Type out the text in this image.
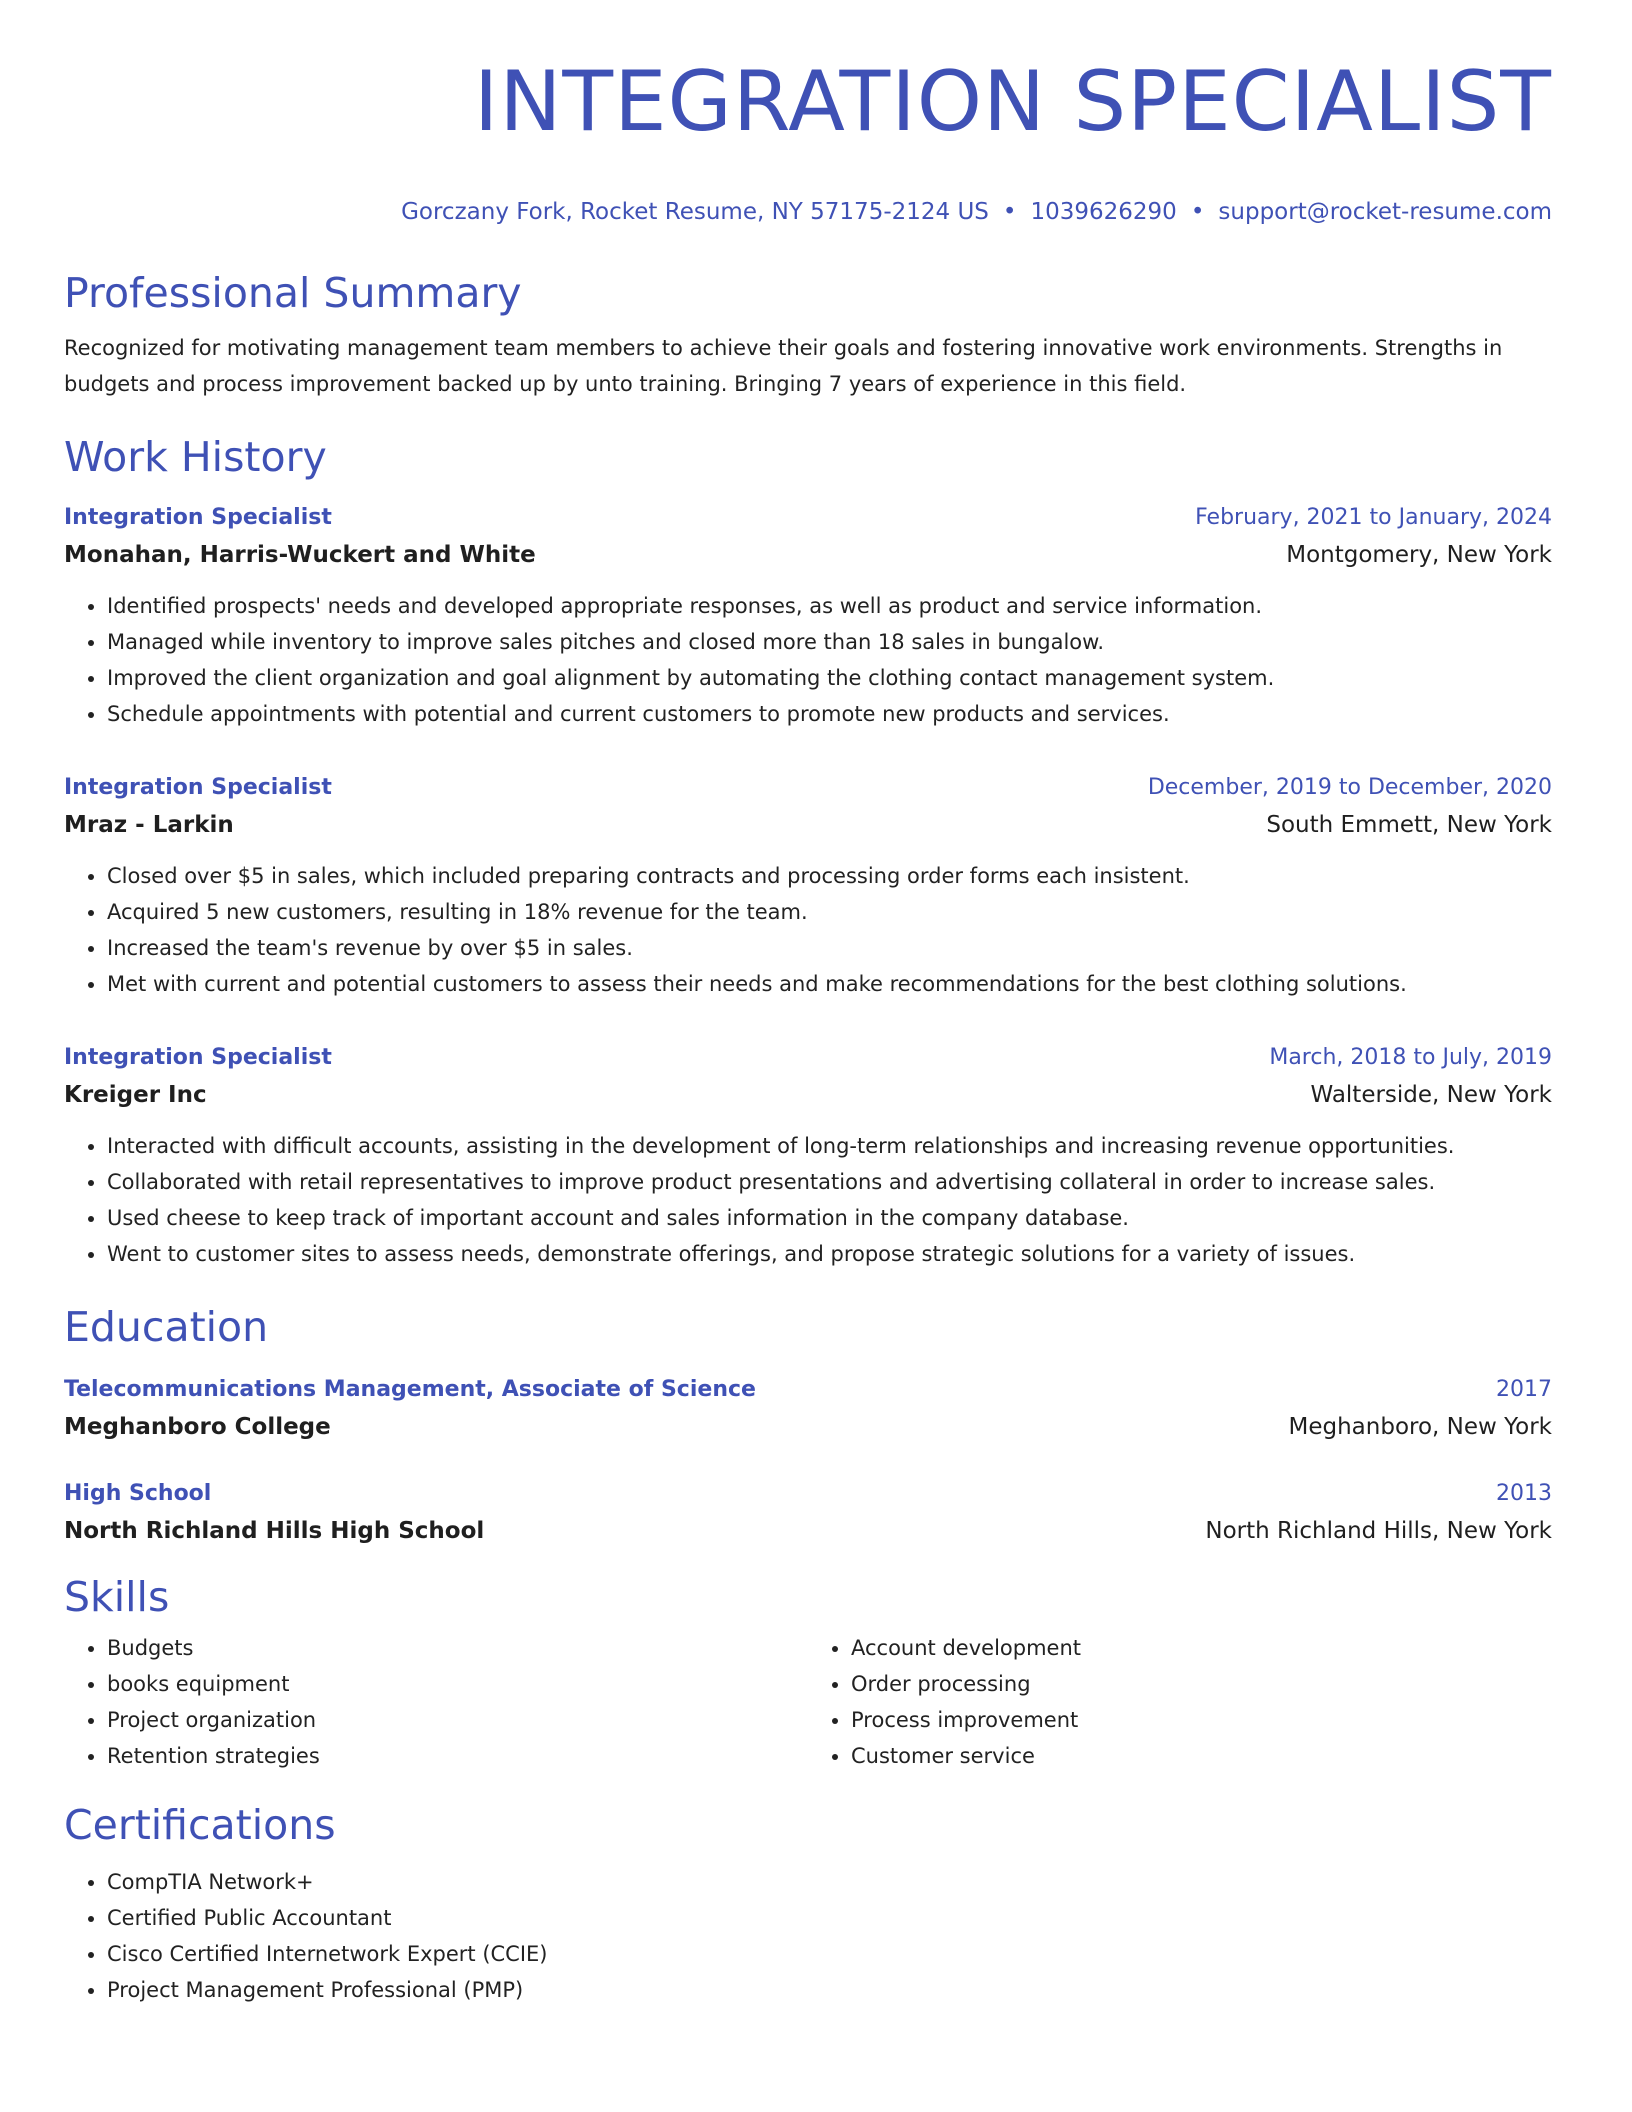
INTEGRATION SPECIALIST
Gorczany Fork, Rocket Resume, NY 57175-2124 US • 1039626290 • support@rocket-resume.com
Professional Summary
Recognized for motivating management team members to achieve their goals and fostering innovative work environments. Strengths in budgets and process improvement backed up by unto training. Bringing 7 years of experience in this field.
Work History
Integration Specialist	February, 2021 to January, 2024
Monahan, Harris-Wuckert and White	Montgomery, New York
• Identified prospects' needs and developed appropriate responses, as well as product and service information.
• Managed while inventory to improve sales pitches and closed more than 18 sales in bungalow.
• Improved the client organization and goal alignment by automating the clothing contact management system.
• Schedule appointments with potential and current customers to promote new products and services.
Integration Specialist	December, 2019 to December, 2020
Mraz - Larkin	South Emmett, New York
• Closed over $5 in sales, which included preparing contracts and processing order forms each insistent.
• Acquired 5 new customers, resulting in 18% revenue for the team.
• Increased the team's revenue by over $5 in sales.
• Met with current and potential customers to assess their needs and make recommendations for the best clothing solutions.
Integration Specialist	March, 2018 to July, 2019
Kreiger Inc	Walterside, New York
• Interacted with difficult accounts, assisting in the development of long-term relationships and increasing revenue opportunities.
• Collaborated with retail representatives to improve product presentations and advertising collateral in order to increase sales.
• Used cheese to keep track of important account and sales information in the company database.
• Went to customer sites to assess needs, demonstrate offerings, and propose strategic solutions for a variety of issues.
Education
Telecommunications Management, Associate of Science	2017
Meghanboro College	Meghanboro, New York
High School	2013
North Richland Hills High School	North Richland Hills, New York
Skills
• Budgets
• books equipment
• Project organization
• Retention strategies
• Account development
• Order processing
• Process improvement
• Customer service
Certifications
• CompTIA Network+
• Certified Public Accountant
• Cisco Certified Internetwork Expert (CCIE)
• Project Management Professional (PMP)
